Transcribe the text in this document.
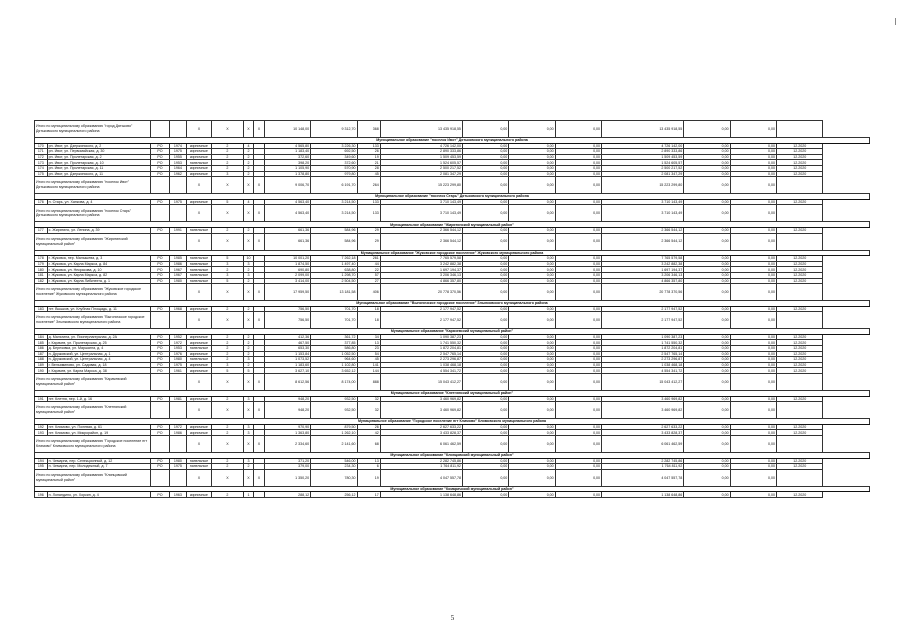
Итого по муниципальному образованию "город Дятьково" Дятьковского муниципального района				X	X	X	X	10 148,00	9 312,70	368	13 435 918,55	0,00	0,00	0,00	13 435 918,55	0,00	0,00	
Муниципальное образование "поселок Ивот" Дятьковского муниципального района																		
170	рп. Ивот, ул. Дзержинского, д. 2	РО	1974	кирпичные	2	4		4 565,80	3 226,30	133	4 726 142,00	0,00	0,00	0,00	4 726 142,00	0,00	0,00	12.2020
171	рп. Ивот, ул. Первомайская, д. 30	РО	1975	кирпичные	2	2		1 183,40	692,50	26	2 890 333,86	0,00	0,00	0,00	2 890 333,86	0,00	0,00	12.2020
172	рп. Ивот, ул. Пролетарская, д. 2	РО	1955	кирпичные	2	2		372,60	349,60	19	1 509 453,59	0,00	0,00	0,00	1 509 453,59	0,00	0,00	12.2020
173	рп. Ивот, ул. Пролетарская, д. 10	РО	1953	панельные	2	2		398,20	372,60	21	1 524 605,57	0,00	0,00	0,00	1 524 605,57	0,00	0,00	12.2020
174	рп. Ивот, ул. Пролетарская, д. 11	РО	1964	кирпичные	2	2		1 105,90	570,90	28	2 500 217,52	0,00	0,00	0,00	2 500 217,52	0,00	0,00	12.2020
175	рп. Ивот, ул. Дзержинского, д. 11	РО	1962	кирпичные	3	2		1 378,80	979,80	45	2 081 347,29	0,00	0,00	0,00	2 081 347,29	0,00	0,00	12.2020
Итого по муниципальному образованию "поселок Ивот" Дятьковского муниципального района				X	X	X	X	9 006,70	6 191,70	264	15 223 299,80	0,00	0,00	0,00	15 223 299,80	0,00	0,00	
Муниципальное образование "поселок Старь" Дятьковского муниципального района																		
176	п. Старь, ул. Ханкова, д. 4	РО	1975	кирпичные	5	4		4 563,40	3 214,50	133	3 710 143,49	0,00	0,00	0,00	3 710 143,49	0,00	0,00	12.2020
Итого по муниципальному образованию "поселок Старь" Дятьковского муниципального района				X	X	X	X	4 563,40	3 214,50	133	3 710 143,49	0,00	0,00	0,00	3 710 143,49	0,00	0,00	
Муниципальное образование "Жирятинский муниципальный район"																		
177	с. Жирятино, ул. Ленина, д. 39	РО	1991	панельные	2	2		661,36	584,96	29	2 366 544,12	0,00	0,00	0,00	2 366 544,12	0,00	0,00	12.2020
Итого по муниципальному образованию "Жирятинский муниципальный район"				X	X	X	X	661,36	584,96	29	2 366 544,12	0,00	0,00	0,00	2 366 544,12	0,00	0,00	
Муниципальное образование "Жуковское городское поселение" Жуковского муниципального района																		
178	г. Жуковка, пер. Малышева, д. 3	РО	1985	панельные	5	10		10 001,20	7 262,18	261	7 765 579,58	0,00	0,00	0,00	7 765 579,58	0,00	0,00	12.2020
179	г. Жуковка, ул. Карла Маркса, д. 84	РО	1986	панельные	3	3		1 874,50	1 497,40	44	3 242 882,38	0,00	0,00	0,00	3 242 882,38	0,00	0,00	12.2020
180	г. Жуковка, ул. Некрасова, д. 10	РО	1967	панельные	2	2		690,80	638,80	22	1 697 194,37	0,00	0,00	0,00	1 697 194,37	0,00	0,00	12.2020
181	г. Жуковка, ул. Карла Маркса, д. 82	РО	1967	панельные	3	3		2 099,00	1 298,70	57	3 206 346,13	0,00	0,00	0,00	3 206 346,13	0,00	0,00	12.2020
182	г. Жуковка, ул. Карла Либкнехта, д. 1	РО	1980	панельные	5	2		3 414,00	2 504,50	27	4 866 357,80	0,00	0,00	0,00	4 866 357,80	0,00	0,00	12.2020
Итого по муниципальному образованию "Жуковское городское поселение" Жуковского муниципального района				X	X	X	X	17 959,50	13 181,58	406	20 778 370,56	0,00	0,00	0,00	20 778 370,56	0,00	0,00	
Муниципальное образование "Выгоничское городское поселение" Злынковского муниципального района																		
183	пгт. Вышков, ул. Клубная Площадь, д. 11	РО	1968	кирпичные	2	2		756,50	701,70	18	2 177 947,52	0,00	0,00	0,00	2 177 947,52	0,00	0,00	12.2020
Итого по муниципальному образованию "Выгоничское городское поселение" Злынковского муниципального района				X	X	X	X	756,50	701,70	18	2 177 947,52	0,00	0,00	0,00	2 177 947,52	0,00	0,00	
Муниципальное образование "Карачевский муниципальный район"																		
184	д. Мальтина, ул. Пионерлагерьная, д. 2А	РО	1952	кирпичные	2	2		412,36	361,72	34	1 090 387,23	0,00	0,00	0,00	1 090 387,23	0,00	0,00	12.2020
185	г. Карачев, ул. Пролетарская, д. 25	РО	1972	кирпичные	2	2		467,50	377,85	13	1 741 550,32	0,00	0,00	0,00	1 741 550,32	0,00	0,00	12.2020
186	д. Березовка, ул. Маршанга, д. 4	РО	1953	панельные	2	2		653,30	586,80	23	1 872 204,81	0,00	0,00	0,00	1 872 204,81	0,00	0,00	12.2020
187	п. Дружовский, ул. Центральная, д. 1	РО	1976	кирпичные	2	2		1 153,84	1 052,50	54	2 547 765,14	0,00	0,00	0,00	2 547 765,14	0,00	0,00	12.2020
188	п. Дружовский, ул. Центральная, д. 4	РО	1980	панельные	2	3		1 073,52	964,60	45	2 273 296,87	0,00	0,00	0,00	2 273 296,87	0,00	0,00	12.2020
189	г. Вельяминово, ул. Садовая, д. 18	РО	1975	кирпичные	3	2		1 183,60	1 102,80	141	1 038 468,18	0,00	0,00	0,00	1 038 468,18	0,00	0,00	12.2020
190	г. Карачев, ул. Карла Маркса, д. 38	РО	1961	кирпичные	5	5		3 627,10	3 652,12	144	4 554 341,72	0,00	0,00	0,00	4 554 341,72	0,00	0,00	12.2020
Итого по муниципальному образованию "Карачевский муниципальный район"				X	X	X	X	8 612,56	8 174,00	888	15 043 412,27	0,00	0,00	0,00	15 043 412,27	0,00	0,00	
Муниципальное образование "Клетнянский муниципальный район"																		
191	пгт. Клетня, пер. 1-й, д. 16	РО	1981	кирпичные	2	3		948,20	932,50	32	3 460 969,82	0,00	0,00	0,00	3 460 969,82	0,00	0,00	12.2020
Итого по муниципальному образованию "Клетнянский муниципальный район"				X	X	X	X	948,20	932,50	32	3 460 969,82	0,00	0,00	0,00	3 460 969,82	0,00	0,00	
Муниципальное образование "Городское поселение пгт Климово" Климовского муниципального района																		
192	пгт. Климово, ул. Полевая, д. 61	РО	1972	кирпичные	2	3		970,90	879,50	26	2 627 633,22	0,00	0,00	0,00	2 627 633,22	0,00	0,00	12.2020
193	пгт. Климово, ул. Микрорайон, д. 19	РО	1986	кирпичные	2	3		1 363,80	1 262,10	42	3 433 828,37	0,00	0,00	0,00	3 433 828,37	0,00	0,00	12.2020
Итого по муниципальному образованию "Городское поселение пгт Климово" Климовского муниципального района				X	X	X	X	2 334,60	2 141,60	68	6 061 462,59	0,00	0,00	0,00	6 061 462,59	0,00	0,00	
Муниципальное образование "Клинцовский муниципальный район"																		
194	п. Чемарна, пер. Селекционный, д. 12	РО	1980	панельные	2	3		371,20	546,00	13	2 282 745,86	0,00	0,00	0,00	2 282 745,86	0,00	0,00	12.2020
195	п. Чемарна, пер. Молодежный, д. 7	РО	1975	панельные	2	2		379,00	234,30	6	1 764 811,92	0,00	0,00	0,00	1 764 811,92	0,00	0,00	12.2020
Итого по муниципальному образованию "Клинцовский муниципальный район"				X	X	X	X	1 350,20	780,30	19	4 047 557,78	0,00	0,00	0,00	4 047 557,78	0,00	0,00	
Муниципальное образование "Комаричский муниципальный район"																		
196	п. Лопандино, ул. Хоркин, д. 4	РО	1963	кирпичные	2	1		288,12	256,12	17	1 138 648,86	0,00	0,00	0,00	1 138 648,86	0,00	0,00	12.2020
5
